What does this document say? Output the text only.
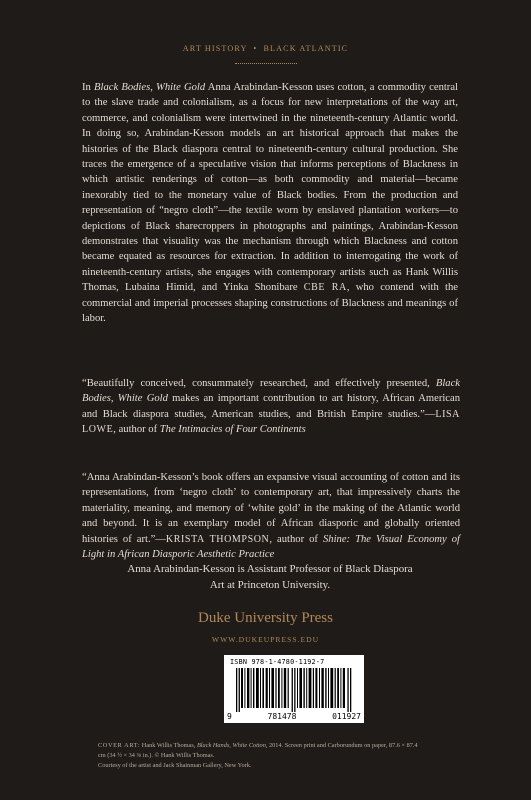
ART HISTORY • BLACK ATLANTIC

In Black Bodies, White Gold Anna Arabindan-Kesson uses cotton, a commodity central to the slave trade and colonialism, as a focus for new interpretations of the way art, commerce, and colonialism were intertwined in the nineteenth-century Atlantic world. In doing so, Arabindan-Kesson models an art historical approach that makes the histories of the Black diaspora central to nineteenth-century cultural production. She traces the emergence of a speculative vision that informs perceptions of Blackness in which artistic renderings of cotton—as both commodity and material—became inexorably tied to the monetary value of Black bodies. From the production and representation of “negro cloth”—the textile worn by enslaved plantation workers—to depictions of Black sharecroppers in photographs and paintings, Arabindan-Kesson demonstrates that visuality was the mechanism through which Blackness and cotton became equated as resources for extraction. In addition to interrogating the work of nineteenth-century artists, she engages with contemporary artists such as Hank Willis Thomas, Lubaina Himid, and Yinka Shonibare CBE RA, who contend with the commercial and imperial processes shaping constructions of Blackness and meanings of labor.

“Beautifully conceived, consummately researched, and effectively presented, Black Bodies, White Gold makes an important contribution to art history, African American and Black diaspora studies, American studies, and British Empire studies.”—LISA LOWE, author of The Intimacies of Four Continents

“Anna Arabindan-Kesson’s book offers an expansive visual accounting of cotton and its representations, from ‘negro cloth’ to contemporary art, that impressively charts the materiality, meaning, and memory of ‘white gold’ in the making of the Atlantic world and beyond. It is an exemplary model of African diasporic and globally oriented histories of art.”—KRISTA THOMPSON, author of Shine: The Visual Economy of Light in African Diasporic Aesthetic Practice

Anna Arabindan-Kesson is Assistant Professor of Black Diaspora Art at Princeton University.

Duke University Press
WWW.DUKEUPRESS.EDU
ISBN 978-1-4780-1192-7
9	781478	011927

COVER ART: Hank Willis Thomas, Black Hands, White Cotton, 2014. Screen print and Carborundum on paper, 87.6 × 87.4 cm (34 ½ × 34 ⅜ in.). © Hank Willis Thomas.
Courtesy of the artist and Jack Shainman Gallery, New York.
